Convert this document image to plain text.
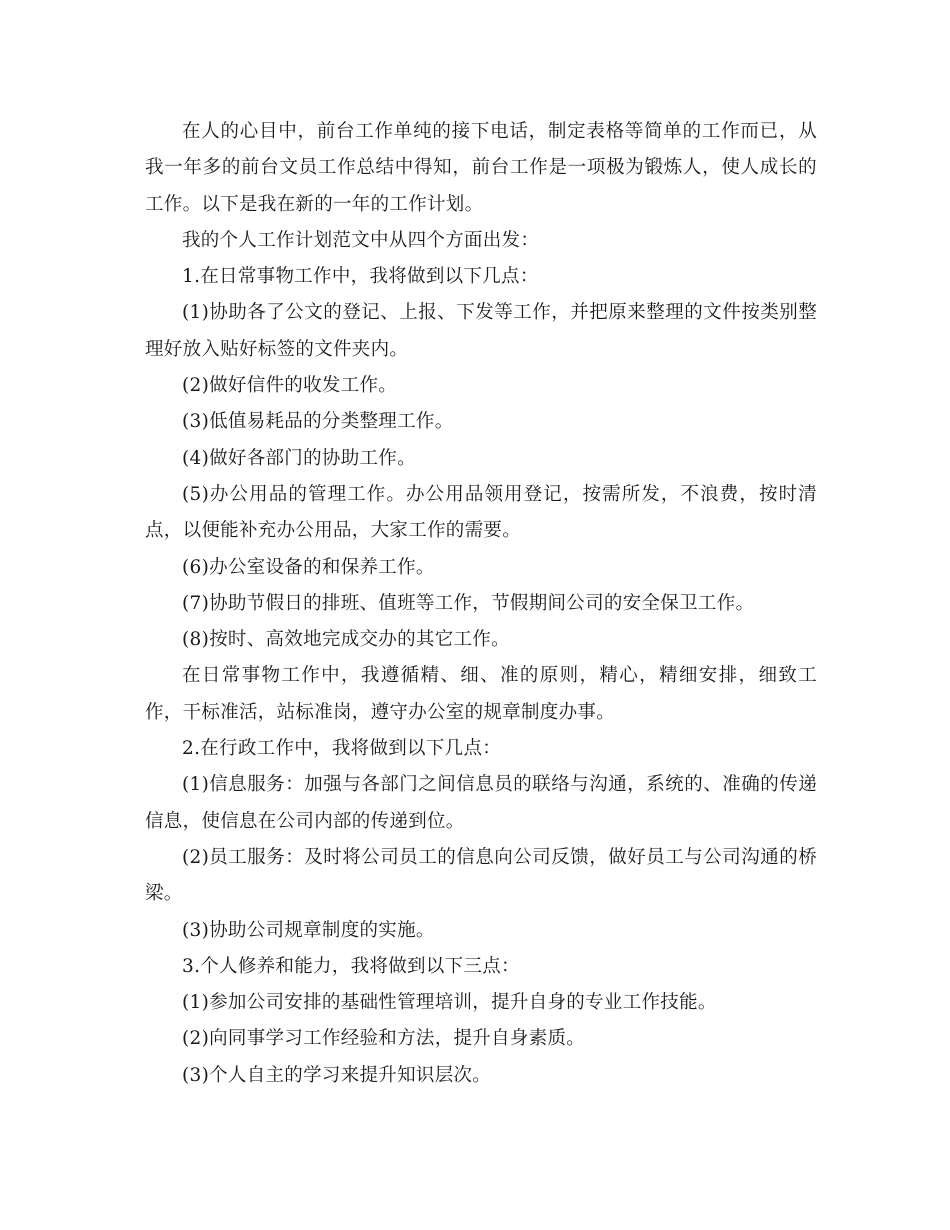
在人的心目中，前台工作单纯的接下电话，制定表格等简单的工作而已，从我一年多的前台文员工作总结中得知，前台工作是一项极为锻炼人，使人成长的工作。以下是我在新的一年的工作计划。

我的个人工作计划范文中从四个方面出发：

1.在日常事物工作中，我将做到以下几点：

(1)协助各了公文的登记、上报、下发等工作，并把原来整理的文件按类别整理好放入贴好标签的文件夹内。

(2)做好信件的收发工作。

(3)低值易耗品的分类整理工作。

(4)做好各部门的协助工作。

(5)办公用品的管理工作。办公用品领用登记，按需所发，不浪费，按时清点，以便能补充办公用品，大家工作的需要。

(6)办公室设备的和保养工作。

(7)协助节假日的排班、值班等工作，节假期间公司的安全保卫工作。

(8)按时、高效地完成交办的其它工作。

在日常事物工作中，我遵循精、细、准的原则，精心，精细安排，细致工作，干标准活，站标准岗，遵守办公室的规章制度办事。

2.在行政工作中，我将做到以下几点：

(1)信息服务：加强与各部门之间信息员的联络与沟通，系统的、准确的传递信息，使信息在公司内部的传递到位。

(2)员工服务：及时将公司员工的信息向公司反馈，做好员工与公司沟通的桥梁。

(3)协助公司规章制度的实施。

3.个人修养和能力，我将做到以下三点：

(1)参加公司安排的基础性管理培训，提升自身的专业工作技能。

(2)向同事学习工作经验和方法，提升自身素质。

(3)个人自主的学习来提升知识层次。
